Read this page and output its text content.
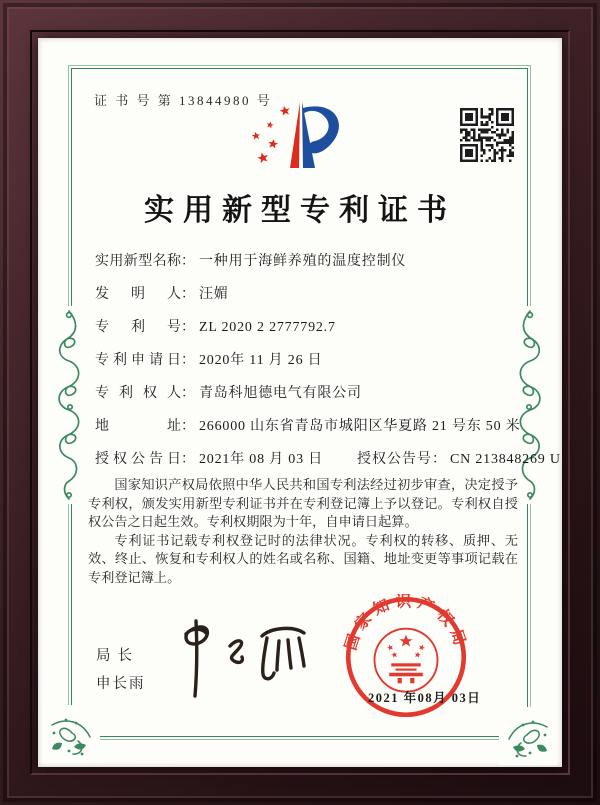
证 书 号 第 13844980 号
实用新型专利证书
实用新型名称： 一种用于海鲜养殖的温度控制仪
发明人： 汪媚
专利号： ZL 2020 2 2777792.7
专利申请日： 2020年 11 月 26 日
专利权人： 青岛科旭德电气有限公司
地址： 266000 山东省青岛市城阳区华夏路 21 号东 50 米
授权公告日： 2021年 08 月 03 日 授权公告号： CN 213848269 U

国家知识产权局依照中华人民共和国专利法经过初步审查，决定授予专利权，颁发实用新型专利证书并在专利登记簿上予以登记。专利权自授权公告之日起生效。专利权期限为十年，自申请日起算。

专利证书记载专利权登记时的法律状况。专利权的转移、质押、无效、终止、恢复和专利权人的姓名或名称、国籍、地址变更等事项记载在专利登记簿上。

局长
申长雨
国家知识产权局
2021 年08月 03日
